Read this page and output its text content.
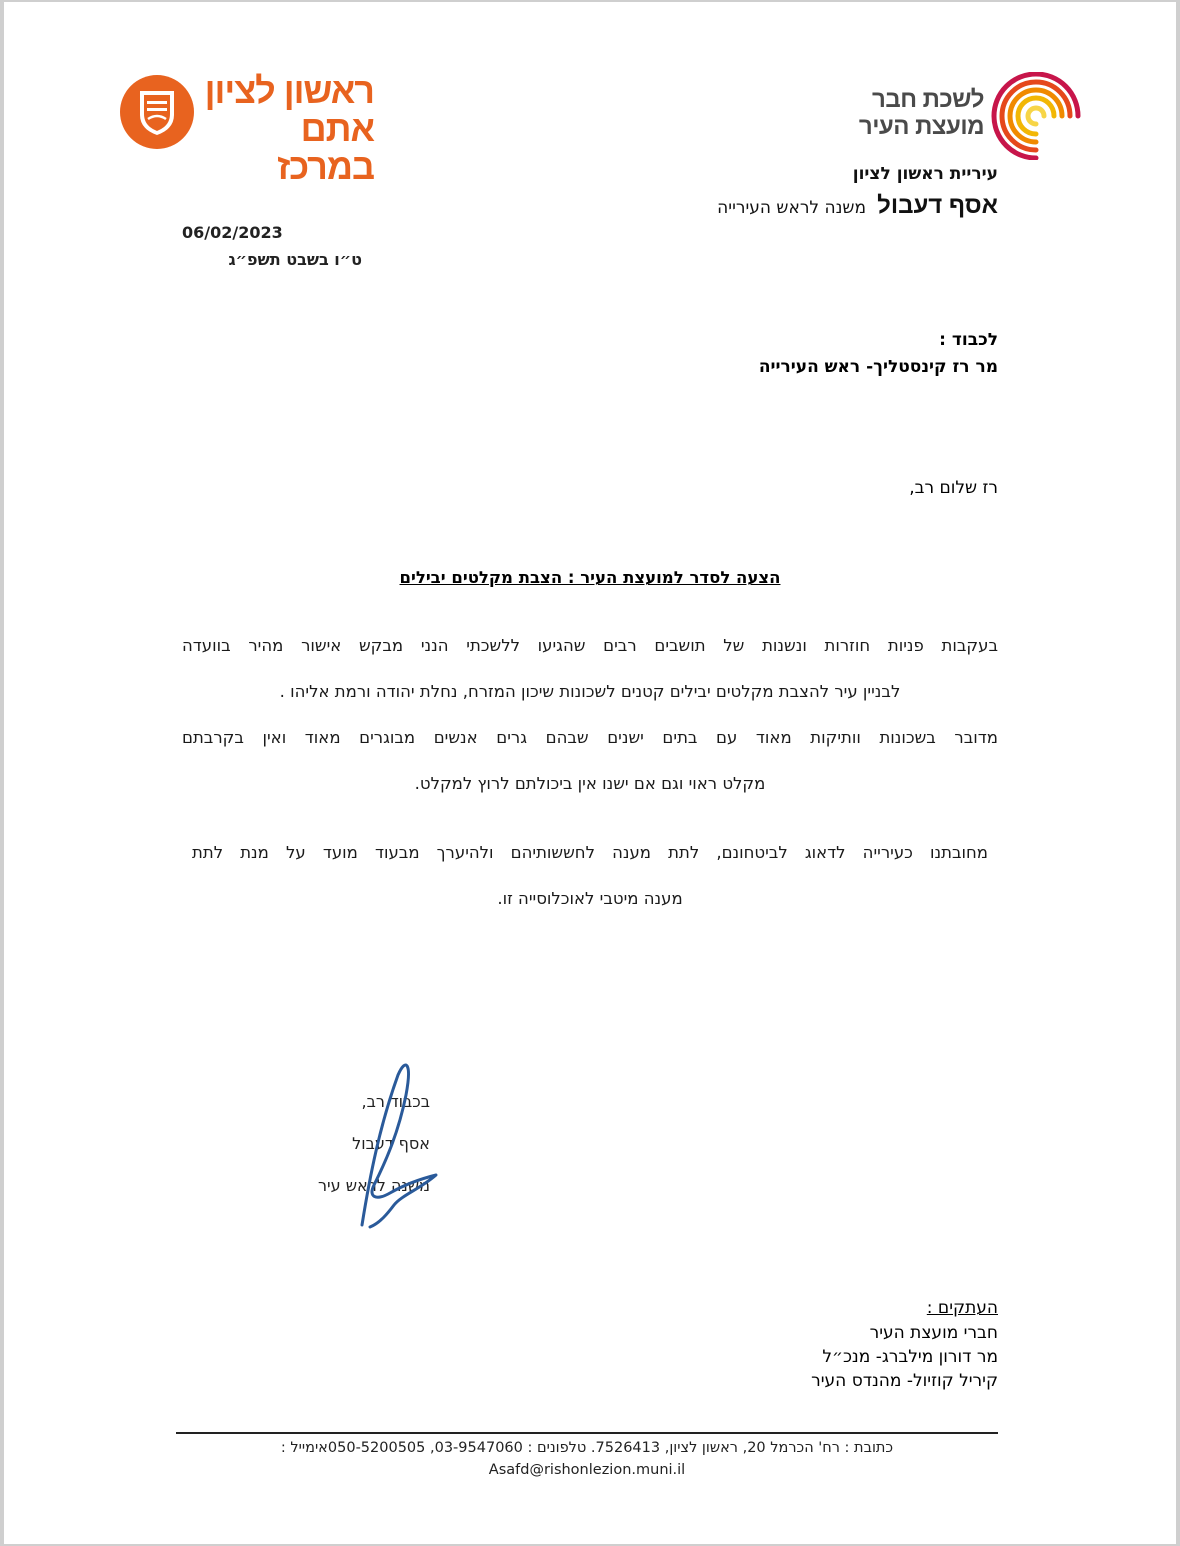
לשכת חבר
מועצת העיר
ראשון לציון
אתם במרכז	עיריית ראשון לציון
אסף דעבול משנה לראש העירייה
06/02/2023
ט״ו בשבט תשפ״ג
לכבוד :
מר רז קינסטליך- ראש העירייה
רז שלום רב,
הצעה לסדר למועצת העיר : הצבת מקלטים יבילים
בעקבות פניות חוזרות ונשנות של תושבים רבים שהגיעו ללשכתי הנני מבקש אישור מהיר בוועדה
לבניין עיר להצבת מקלטים יבילים קטנים לשכונות שיכון המזרח, נחלת יהודה ורמת אליהו .
מדובר בשכונות וותיקות מאוד עם בתים ישנים שבהם גרים אנשים מבוגרים מאוד ואין בקרבתם
מקלט ראוי וגם אם ישנו אין ביכולתם לרוץ למקלט.
מחובתנו כעירייה לדאוג לביטחונם, לתת מענה לחששותיהם ולהיערך מבעוד מועד על מנת לתת
מענה מיטבי לאוכלוסייה זו.
בכבוד רב,
אסף דעבול
משנה לראש עיר
העתקים :
חברי מועצת העיר
מר דורון מילברג- מנכ״ל
קיריל קוזיול- מהנדס העיר
כתובת : רח' הכרמל 20, ראשון לציון, 7526413. טלפונים : 03-9547060, 050-5200505אימייל :
Asafd@rishonlezion.muni.il
